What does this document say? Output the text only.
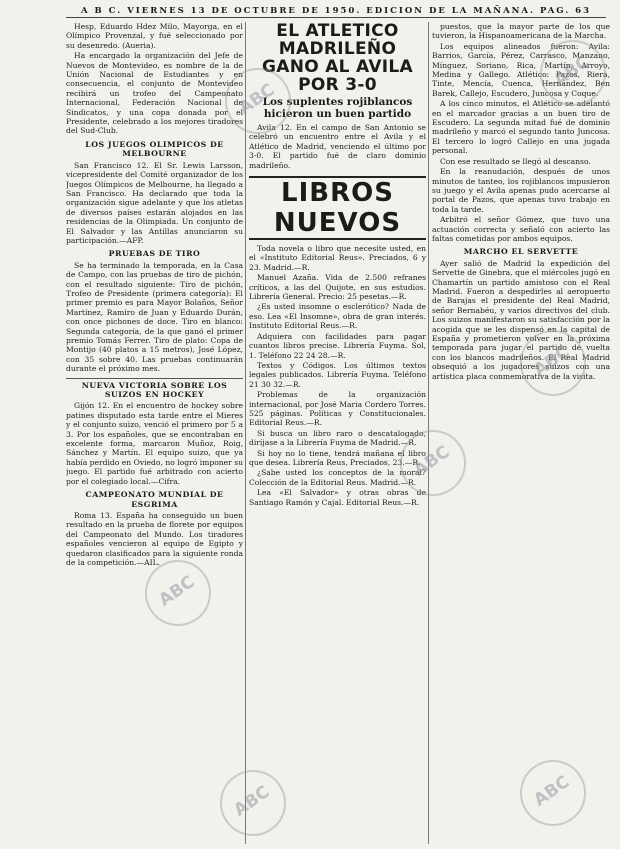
A B C. VIERNES 13 DE OCTUBRE DE 1950. EDICION DE LA MAÑANA. PAG. 63

Hesp, Eduardo Hdez Milo, Mayorga, en el Olímpico Provenzal, y fué seleccionado por su desenredo. (Aueria).

Ha encargado la organización del Jefe de Nuevos de Montevideo, es nombre de la de Unión Nacional de Estudiantes y en consecuencia, el conjunto de Montevideo recibirá un trofeo del Campeonato Internacional, Federación Nacional de Sindicatos, y una copa donada por el Presidente, celebrado a los mejores tiradores del Sud-Club.

LOS JUEGOS OLIMPICOS DE MELBOURNE

San Francisco 12. El Sr. Lewis Larsson, vicepresidente del Comité organizador de los Juegos Olímpicos de Melbourne, ha llegado a San Francisco. Ha declarado que toda la organización sigue adelante y que los atletas de diversos países estarán alojados en las residencias de la Olimpiada. Un conjunto de El Salvador y las Antillas anunciaron su participación.—AFP.

PRUEBAS DE TIRO

Se ha terminado la temporada, en la Casa de Campo, con las pruebas de tiro de pichón, con el resultado siguiente: Tiro de pichón, Trofeo de Presidente (primera categoría): El primer premio es para Mayor Bolaños, Señor Martínez, Ramiro de Juan y Eduardo Durán, con once pichones de doce. Tiro en blanco: Segunda categoría, de la que ganó el primer premio Tomás Ferrer. Tiro de plato: Copa de Montijo (40 platos a 15 metros), José López, con 35 sobre 40. Las pruebas continuarán durante el próximo mes.

NUEVA VICTORIA SOBRE LOS SUIZOS EN HOCKEY

Gijón 12. En el encuentro de hockey sobre patines disputado esta tarde entre el Mieres y el conjunto suizo, venció el primero por 5 a 3. Por los españoles, que se encontraban en excelente forma, marcaron Muñoz, Roig, Sánchez y Martín. El equipo suizo, que ya había perdido en Oviedo, no logró imponer su juego. El partido fué arbitrado con acierto por el colegiado local.—Cifra.

CAMPEONATO MUNDIAL DE ESGRIMA

Roma 13. España ha conseguido un buen resultado en la prueba de florete por equipos del Campeonato del Mundo. Los tiradores españoles vencieron al equipo de Egipto y quedaron clasificados para la siguiente ronda de la competición.—AIL.

EL ATLETICO MADRILEÑO GANO AL AVILA POR 3-0
Los suplentes rojiblancos hicieron un buen partido

Avila 12. En el campo de San Antonio se celebró un encuentro entre el Avila y el Atlético de Madrid, venciendo el último por 3-0. El partido fué de claro dominio madrileño.

LIBROS NUEVOS

Toda novela o libro que necesite usted, en el «Instituto Editorial Reus». Preciados, 6 y 23. Madrid.—R.

Manuel Azaña. Vida de 2.500 refranes críticos, a las del Quijote, en sus estudios. Librería General. Precio: 25 pesetas.—R.

¿Es usted insomne o esclerótico? Nada de eso. Lea «El Insomne», obra de gran interés. Instituto Editorial Reus.—R.

Adquiera con facilidades para pagar cuantos libros precise. Librería Fuyma. Sol, 1. Teléfono 22 24 28.—R.

Textos y Códigos. Los últimos textos legales publicados. Librería Fuyma. Teléfono 21 30 32.—R.

Problemas de la organización internacional, por José Maria Cordero Torres. 525 páginas. Políticas y Constitucionales. Editorial Reus.—R.

Si busca un libro raro o descatalogado, diríjase a la Librería Fuyma de Madrid.—R.

Si hoy no lo tiene, tendrá mañana el libro que desea. Librería Reus, Preciados, 23.—R.

¿Sabe usted los conceptos de la moral? Colección de la Editorial Reus. Madrid.—R.

Lea «El Salvador» y otras obras de Santiago Ramón y Cajal. Editorial Reus.—R.

puestos, que la mayor parte de los que tuvieron, la Hispanoamericana de la Marcha.

Los equipos alineados fueron: Avila: Barrios, García, Pérez, Carrasco, Manzano, Mínguez, Soriano, Rica, Martín, Arroyo, Medina y Gallego. Atlético: Pazos, Riera, Tinte, Mencía, Cuenca, Hernández, Ben Barek, Callejo, Escudero, Juncosa y Coque.

A los cinco minutos, el Atlético se adelantó en el marcador gracias a un buen tiro de Escudero. La segunda mitad fué de dominio madrileño y marcó el segundo tanto Juncosa. El tercero lo logró Callejo en una jugada personal.

Con ese resultado se llegó al descanso.

En la reanudación, después de unos minutos de tanteo, los rojiblancos impusieron su juego y el Avila apenas pudo acercarse al portal de Pazos, que apenas tuvo trabajo en toda la tarde.

Arbitró el señor Gómez, que tuvo una actuación correcta y señaló con acierto las faltas cometidas por ambos equipos.

MARCHO EL SERVETTE

Ayer salió de Madrid la expedición del Servette de Ginebra, que el miércoles jugó en Chamartín un partido amistoso con el Real Madrid. Fueron a despedirles al aeropuerto de Barajas el presidente del Real Madrid, señor Bernabéu, y varios directivos del club. Los suizos manifestaron su satisfacción por la acogida que se les dispensó en la capital de España y prometieron volver en la próxima temporada para jugar el partido de vuelta con los blancos madrileños. El Real Madrid obsequió a los jugadores suizos con una artística placa conmemorativa de la visita.

ABC
ABC
ABC
ABC
ABC
ABC	ABC
